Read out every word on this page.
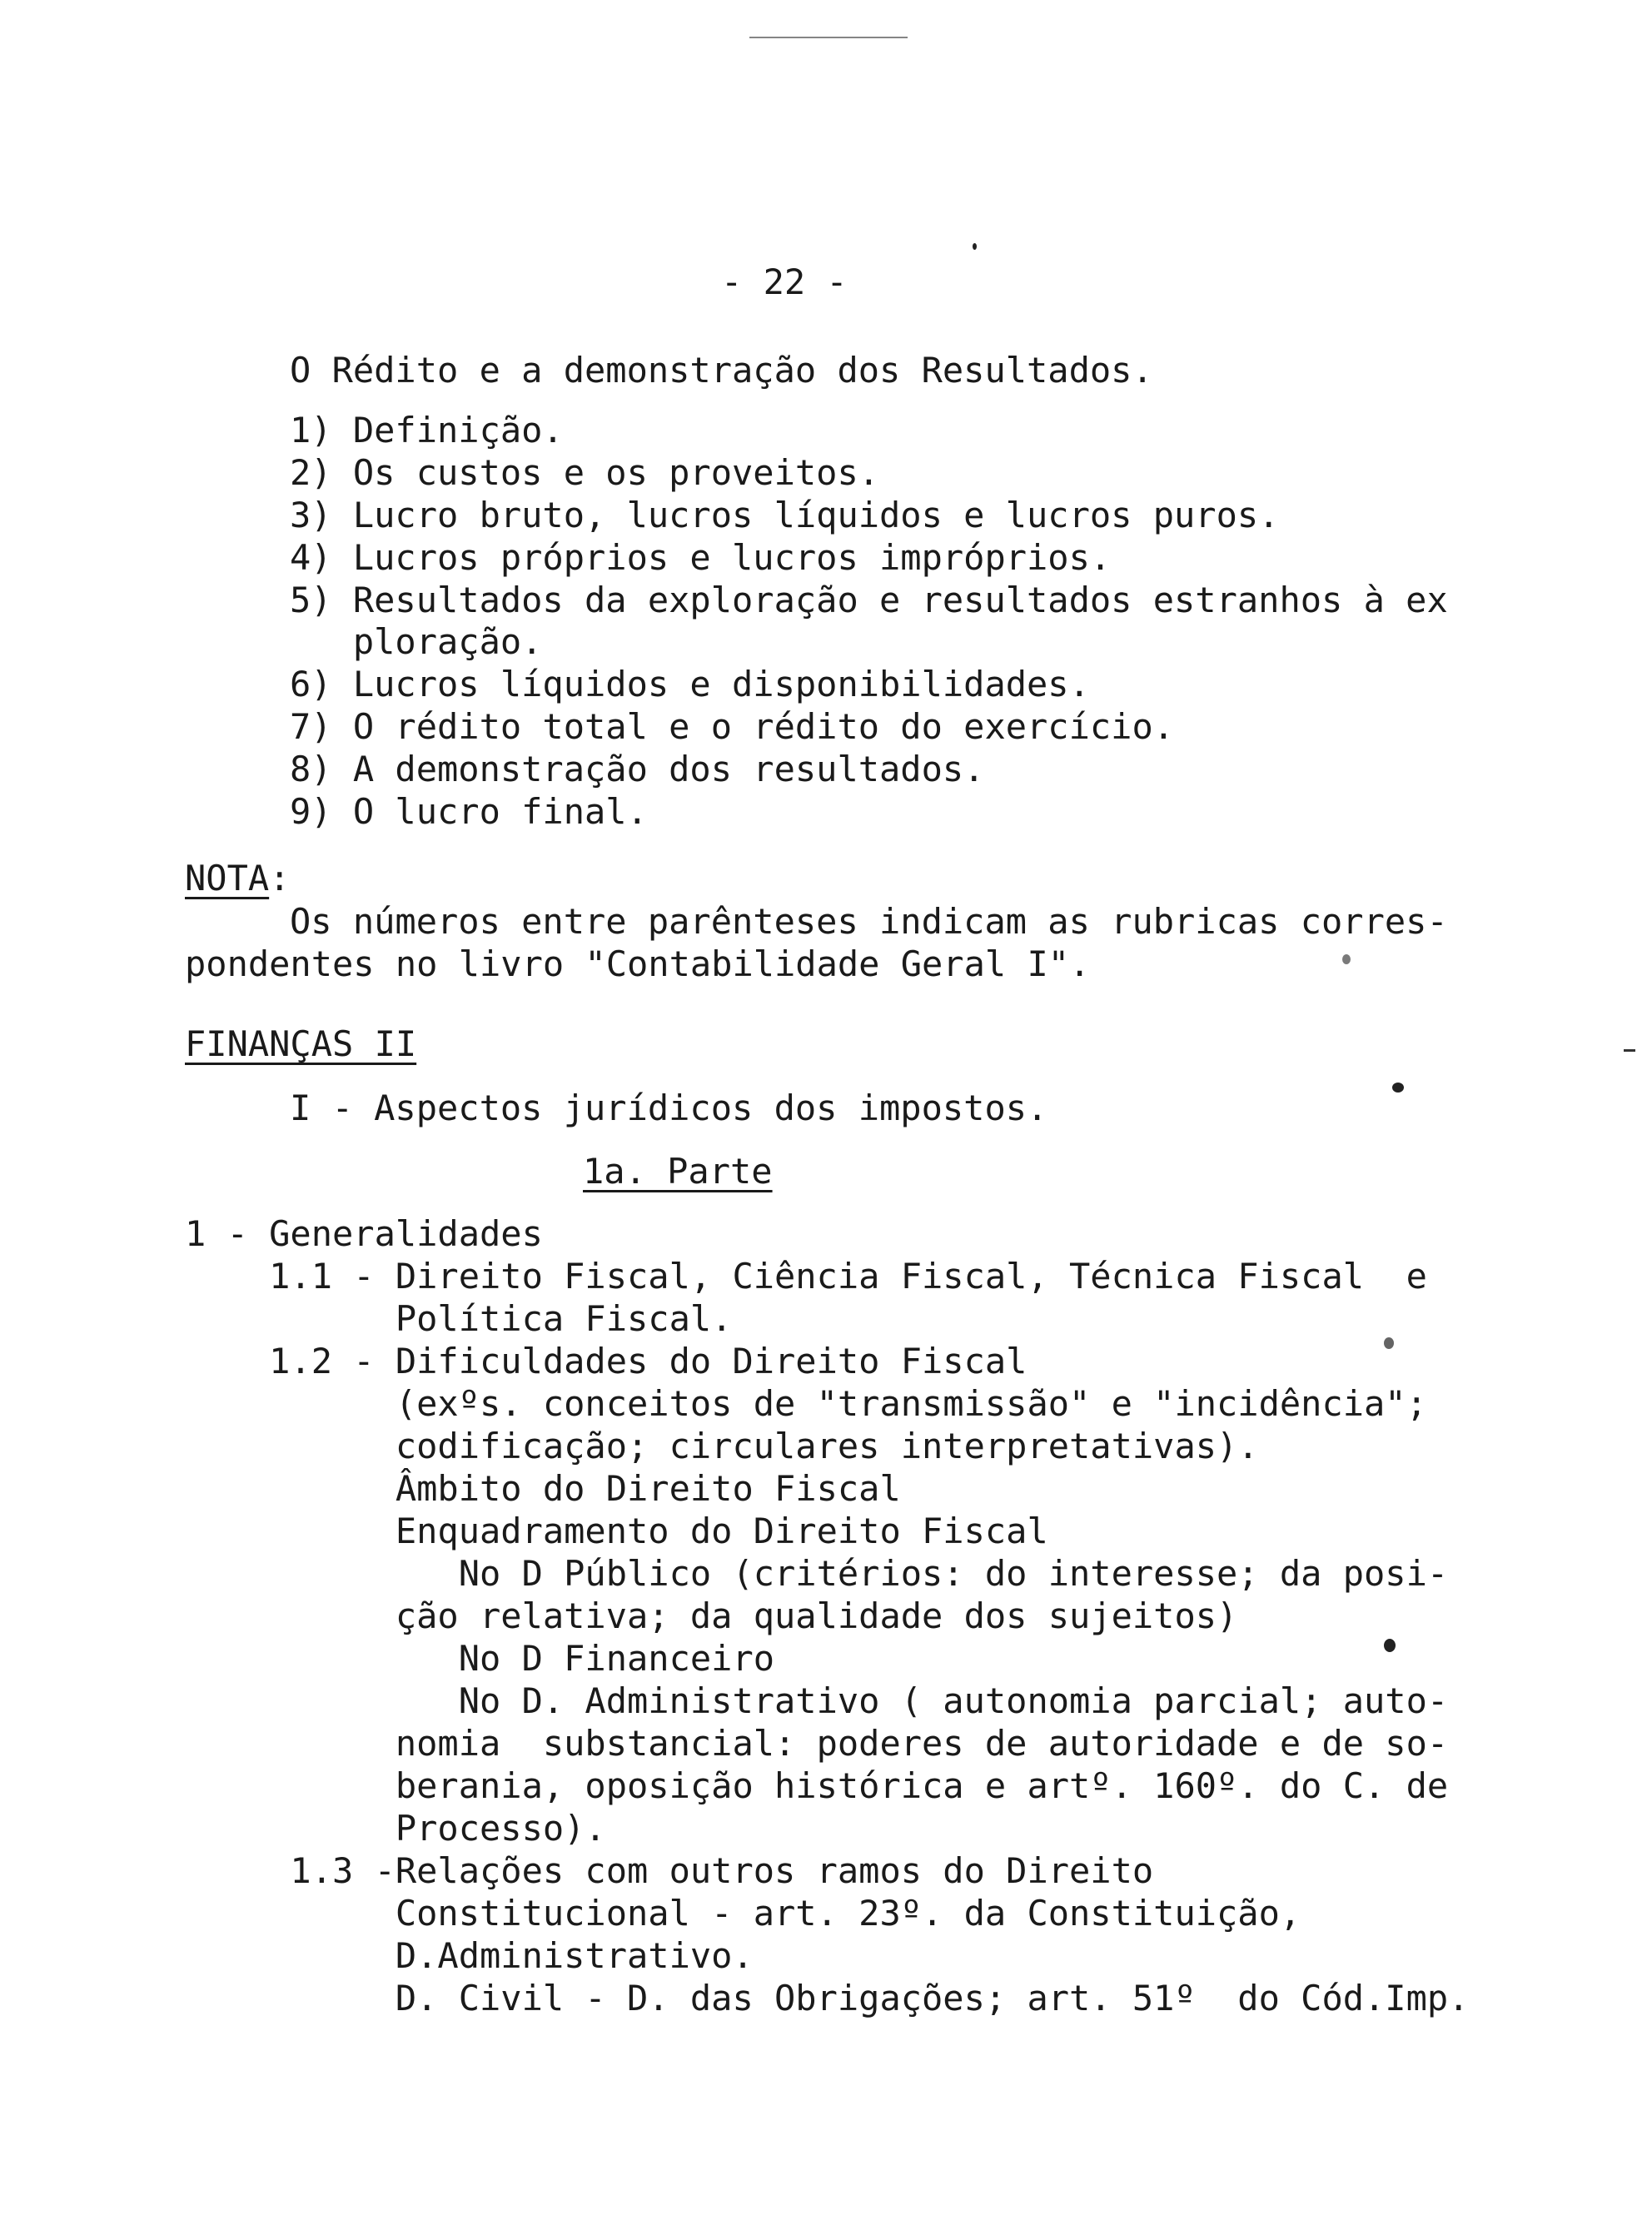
- 22 -
O Rédito e a demonstração dos Resultados.
1) Definição.
2) Os custos e os proveitos.
3) Lucro bruto, lucros líquidos e lucros puros.
4) Lucros próprios e lucros impróprios.
5) Resultados da exploração e resultados estranhos à ex
ploração.
6) Lucros líquidos e disponibilidades.
7) O rédito total e o rédito do exercício.
8) A demonstração dos resultados.
9) O lucro final.
NOTA:
Os números entre parênteses indicam as rubricas corres-
pondentes no livro "Contabilidade Geral I".
FINANÇAS II
I - Aspectos jurídicos dos impostos.
1a. Parte
1 - Generalidades
1.1 - Direito Fiscal, Ciência Fiscal, Técnica Fiscal  e
Política Fiscal.
1.2 - Dificuldades do Direito Fiscal
(exºs. conceitos de "transmissão" e "incidência";
codificação; circulares interpretativas).
Âmbito do Direito Fiscal
Enquadramento do Direito Fiscal
No D Público (critérios: do interesse; da posi-
ção relativa; da qualidade dos sujeitos)
No D Financeiro
No D. Administrativo ( autonomia parcial; auto-
nomia  substancial: poderes de autoridade e de so-
berania, oposição histórica e artº. 160º. do C. de
Processo).
1.3 -Relações com outros ramos do Direito
Constitucional - art. 23º. da Constituição,
D.Administrativo.
D. Civil - D. das Obrigações; art. 51º  do Cód.Imp.
